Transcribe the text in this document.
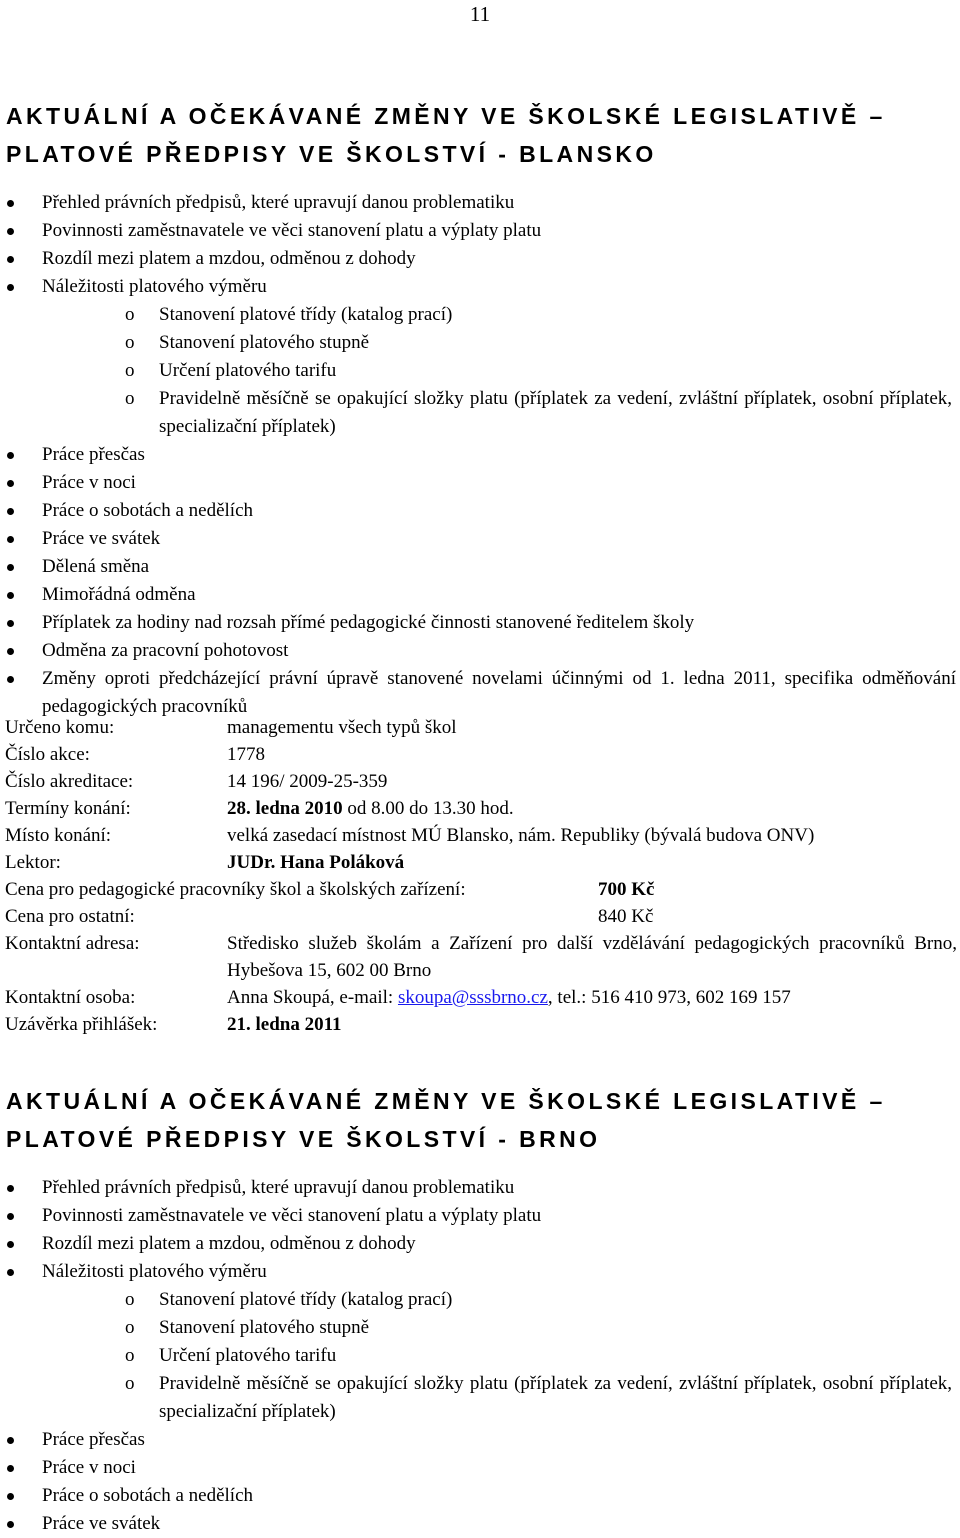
11
AKTUÁLNÍ A OČEKÁVANÉ ZMĚNY VE ŠKOLSKÉ LEGISLATIVĚ –
PLATOVÉ PŘEDPISY VE ŠKOLSTVÍ - BLANSKO
Přehled právních předpisů, které upravují danou problematiku
Povinnosti zaměstnavatele ve věci stanovení platu a výplaty platu
Rozdíl mezi platem a mzdou, odměnou z dohody
Náležitosti platového výměru
o Stanovení platové třídy (katalog prací)
o Stanovení platového stupně
o Určení platového tarifu
o Pravidelně měsíčně se opakující složky platu (příplatek za vedení, zvláštní příplatek, osobní příplatek, specializační příplatek)
Práce přesčas
Práce v noci
Práce o sobotách a nedělích
Práce ve svátek
Dělená směna
Mimořádná odměna
Příplatek za hodiny nad rozsah přímé pedagogické činnosti stanovené ředitelem školy
Odměna za pracovní pohotovost
Změny oproti předcházející právní úpravě stanovené novelami účinnými od 1. ledna 2011, specifika odměňování pedagogických pracovníků
Určeno komu:	managementu všech typů škol
Číslo akce:	1778
Číslo akreditace:	14 196/ 2009-25-359
Termíny konání:	28. ledna 2010 od 8.00 do 13.30 hod.
Místo konání:	velká zasedací místnost MÚ Blansko, nám. Republiky (bývalá budova ONV)
Lektor:	JUDr. Hana Poláková
Cena pro pedagogické pracovníky škol a školských zařízení:	700 Kč
Cena pro ostatní:	840 Kč
Kontaktní adresa:	Středisko služeb školám a Zařízení pro další vzdělávání pedagogických pracovníků Brno, Hybešova 15, 602 00 Brno
Kontaktní osoba:	Anna Skoupá, e-mail: skoupa@sssbrno.cz, tel.: 516 410 973, 602 169 157
Uzávěrka přihlášek:	21. ledna 2011
AKTUÁLNÍ A OČEKÁVANÉ ZMĚNY VE ŠKOLSKÉ LEGISLATIVĚ –
PLATOVÉ PŘEDPISY VE ŠKOLSTVÍ - BRNO
Přehled právních předpisů, které upravují danou problematiku
Povinnosti zaměstnavatele ve věci stanovení platu a výplaty platu
Rozdíl mezi platem a mzdou, odměnou z dohody
Náležitosti platového výměru
o Stanovení platové třídy (katalog prací)
o Stanovení platového stupně
o Určení platového tarifu
o Pravidelně měsíčně se opakující složky platu (příplatek za vedení, zvláštní příplatek, osobní příplatek, specializační příplatek)
Práce přesčas
Práce v noci
Práce o sobotách a nedělích
Práce ve svátek
